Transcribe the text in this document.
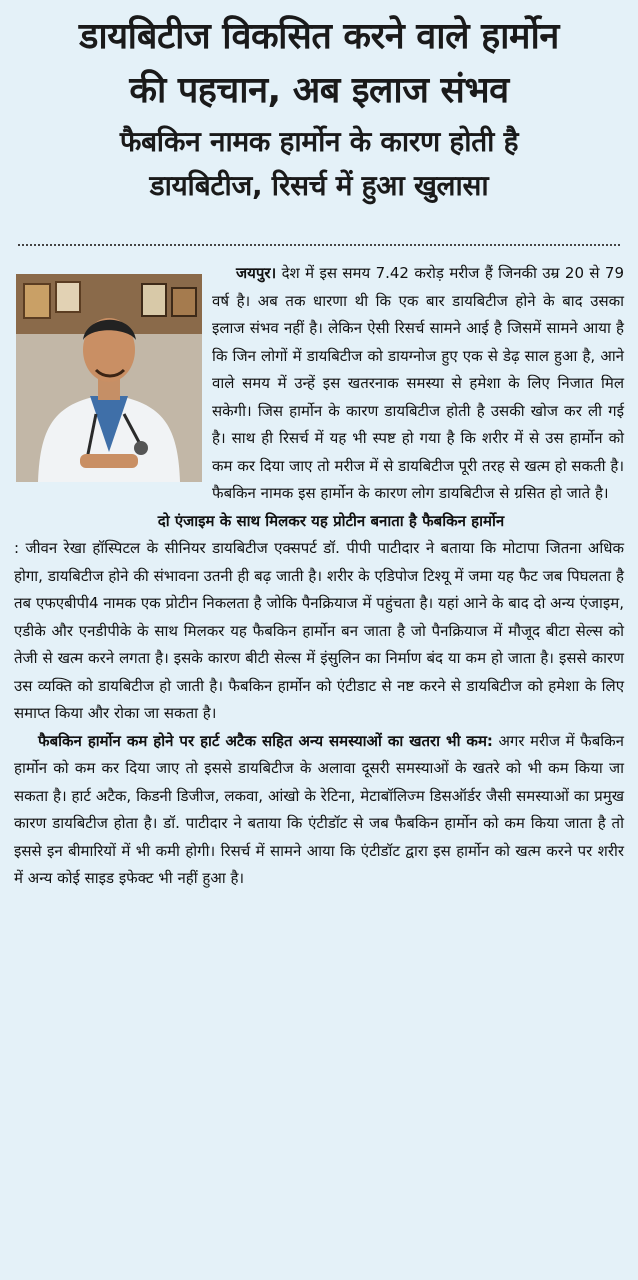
डायबिटीज विकसित करने वाले हार्मोन
की पहचान, अब इलाज संभव
फैबकिन नामक हार्मोन के कारण होती है
डायबिटीज, रिसर्च में हुआ खुलासा

जयपुर। देश में इस समय 7.42 करोड़ मरीज हैं जिनकी उम्र 20 से 79 वर्ष है। अब तक धारणा थी कि एक बार डायबिटीज होने के बाद उसका इलाज संभव नहीं है। लेकिन ऐसी रिसर्च सामने आई है जिसमें सामने आया है कि जिन लोगों में डायबिटीज को डायग्नोज हुए एक से डेढ़ साल हुआ है, आने वाले समय में उन्हें इस खतरनाक समस्या से हमेशा के लिए निजात मिल सकेगी। जिस हार्मोन के कारण डायबिटीज होती है उसकी खोज कर ली गई है। साथ ही रिसर्च में यह भी स्पष्ट हो गया है कि शरीर में से उस हार्मोन को कम कर दिया जाए तो मरीज में से डायबिटीज पूरी तरह से खत्म हो सकती है। फैबकिन नामक इस हार्मोन के कारण लोग डायबिटीज से ग्रसित हो जाते है।

दो एंजाइम के साथ मिलकर यह प्रोटीन बनाता है फैबकिन हार्मोन

: जीवन रेखा हॉस्पिटल के सीनियर डायबिटीज एक्सपर्ट डॉ. पीपी पाटीदार ने बताया कि मोटापा जितना अधिक होगा, डायबिटीज होने की संभावना उतनी ही बढ़ जाती है। शरीर के एडिपोज टिश्यू में जमा यह फैट जब पिघलता है तब एफएबीपी4 नामक एक प्रोटीन निकलता है जोकि पैनक्रियाज में पहुंचता है। यहां आने के बाद दो अन्य एंजाइम, एडीके और एनडीपीके के साथ मिलकर यह फैबकिन हार्मोन बन जाता है जो पैनक्रियाज में मौजूद बीटा सेल्स को तेजी से खत्म करने लगता है। इसके कारण बीटी सेल्स में इंसुलिन का निर्माण बंद या कम हो जाता है। इससे कारण उस व्यक्ति को डायबिटीज हो जाती है। फैबकिन हार्मोन को एंटीडाट से नष्ट करने से डायबिटीज को हमेशा के लिए समाप्त किया और रोका जा सकता है।

फैबकिन हार्मोन कम होने पर हार्ट अटैक सहित अन्य समस्याओं का खतरा भी कम: अगर मरीज में फैबकिन हार्मोन को कम कर दिया जाए तो इससे डायबिटीज के अलावा दूसरी समस्याओं के खतरे को भी कम किया जा सकता है। हार्ट अटैक, किडनी डिजीज, लकवा, आंखो के रेटिना, मेटाबॉलिज्म डिसऑर्डर जैसी समस्याओं का प्रमुख कारण डायबिटीज होता है। डॉ. पाटीदार ने बताया कि एंटीडॉट से जब फैबकिन हार्मोन को कम किया जाता है तो इससे इन बीमारियों में भी कमी होगी। रिसर्च में सामने आया कि एंटीडॉट द्वारा इस हार्मोन को खत्म करने पर शरीर में अन्य कोई साइड इफेक्ट भी नहीं हुआ है।
